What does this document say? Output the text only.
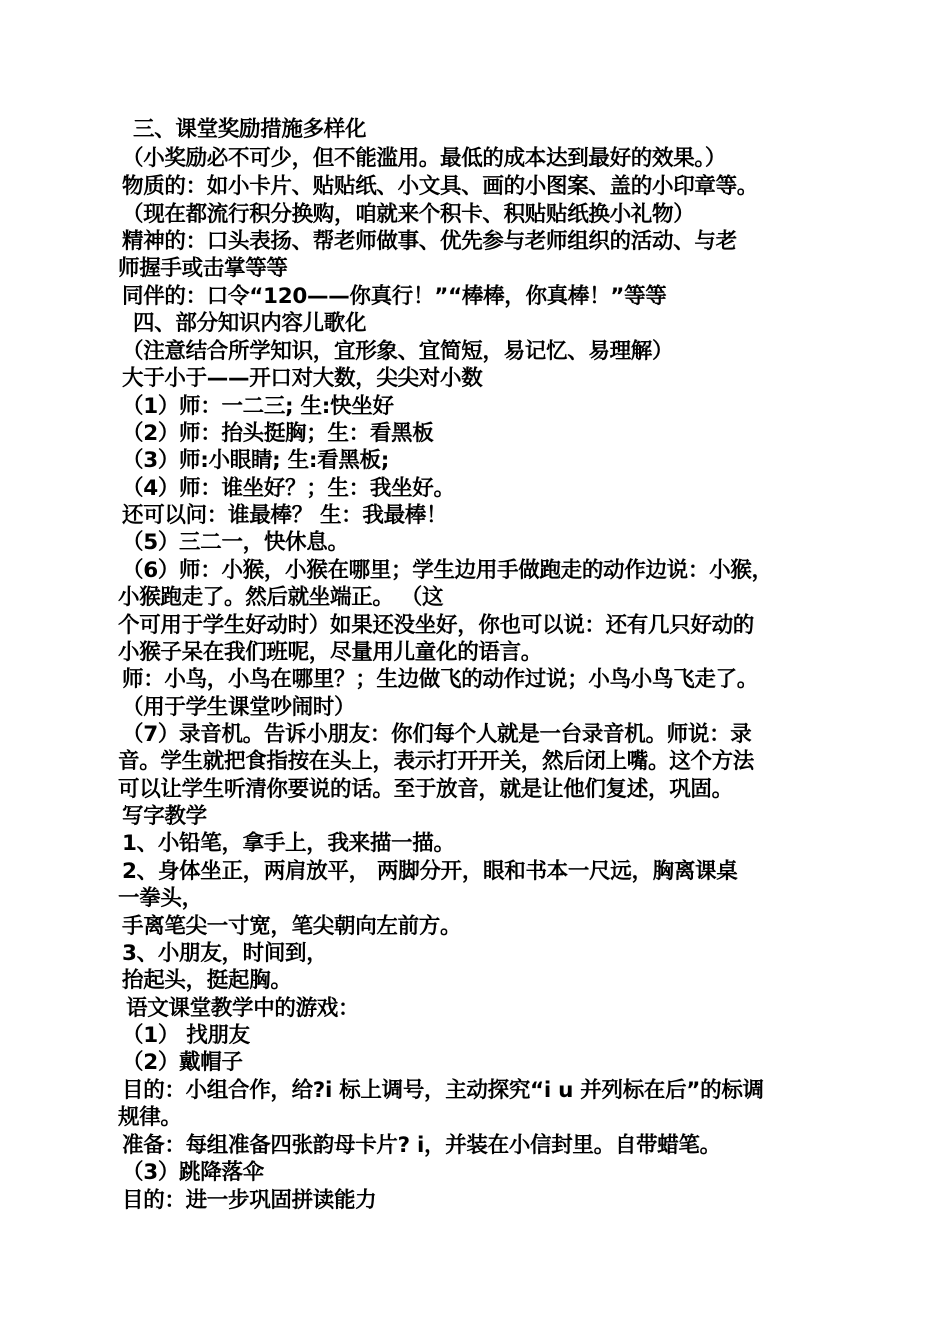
三、课堂奖励措施多样化
（小奖励必不可少，但不能滥用。最低的成本达到最好的效果。）
物质的：如小卡片、贴贴纸、小文具、画的小图案、盖的小印章等。
（现在都流行积分换购，咱就来个积卡、积贴贴纸换小礼物）
精神的：口头表扬、帮老师做事、优先参与老师组织的活动、与老
师握手或击掌等等
同伴的：口令“120——你真行！”“棒棒，你真棒！”等等
四、部分知识内容儿歌化
（注意结合所学知识，宜形象、宜简短，易记忆、易理解）
大于小于——开口对大数，尖尖对小数
（1）师：一二三; 生:快坐好
（2）师：抬头挺胸；生：看黑板
（3）师:小眼睛; 生:看黑板;
（4）师：谁坐好？；生：我坐好。
还可以问：谁最棒？ 生：我最棒！
（5）三二一，快休息。
（6）师：小猴，小猴在哪里；学生边用手做跑走的动作边说：小猴，
小猴跑走了。然后就坐端正。 （这
个可用于学生好动时）如果还没坐好，你也可以说：还有几只好动的
小猴子呆在我们班呢，尽量用儿童化的语言。
师：小鸟，小鸟在哪里？；生边做飞的动作过说；小鸟小鸟飞走了。
（用于学生课堂吵闹时）
（7）录音机。告诉小朋友：你们每个人就是一台录音机。师说：录
音。学生就把食指按在头上，表示打开开关，然后闭上嘴。这个方法
可以让学生听清你要说的话。至于放音，就是让他们复述，巩固。
写字教学
1、小铅笔，拿手上，我来描一描。
2、身体坐正，两肩放平， 两脚分开，眼和书本一尺远，胸离课桌
一拳头，
手离笔尖一寸宽，笔尖朝向左前方。
3、小朋友，时间到，
抬起头，挺起胸。
语文课堂教学中的游戏：
（1） 找朋友
（2）戴帽子
目的：小组合作，给?i 标上调号，主动探究“i u 并列标在后”的标调
规律。
准备：每组准备四张韵母卡片? i，并装在小信封里。自带蜡笔。
（3）跳降落伞
目的：进一步巩固拼读能力
